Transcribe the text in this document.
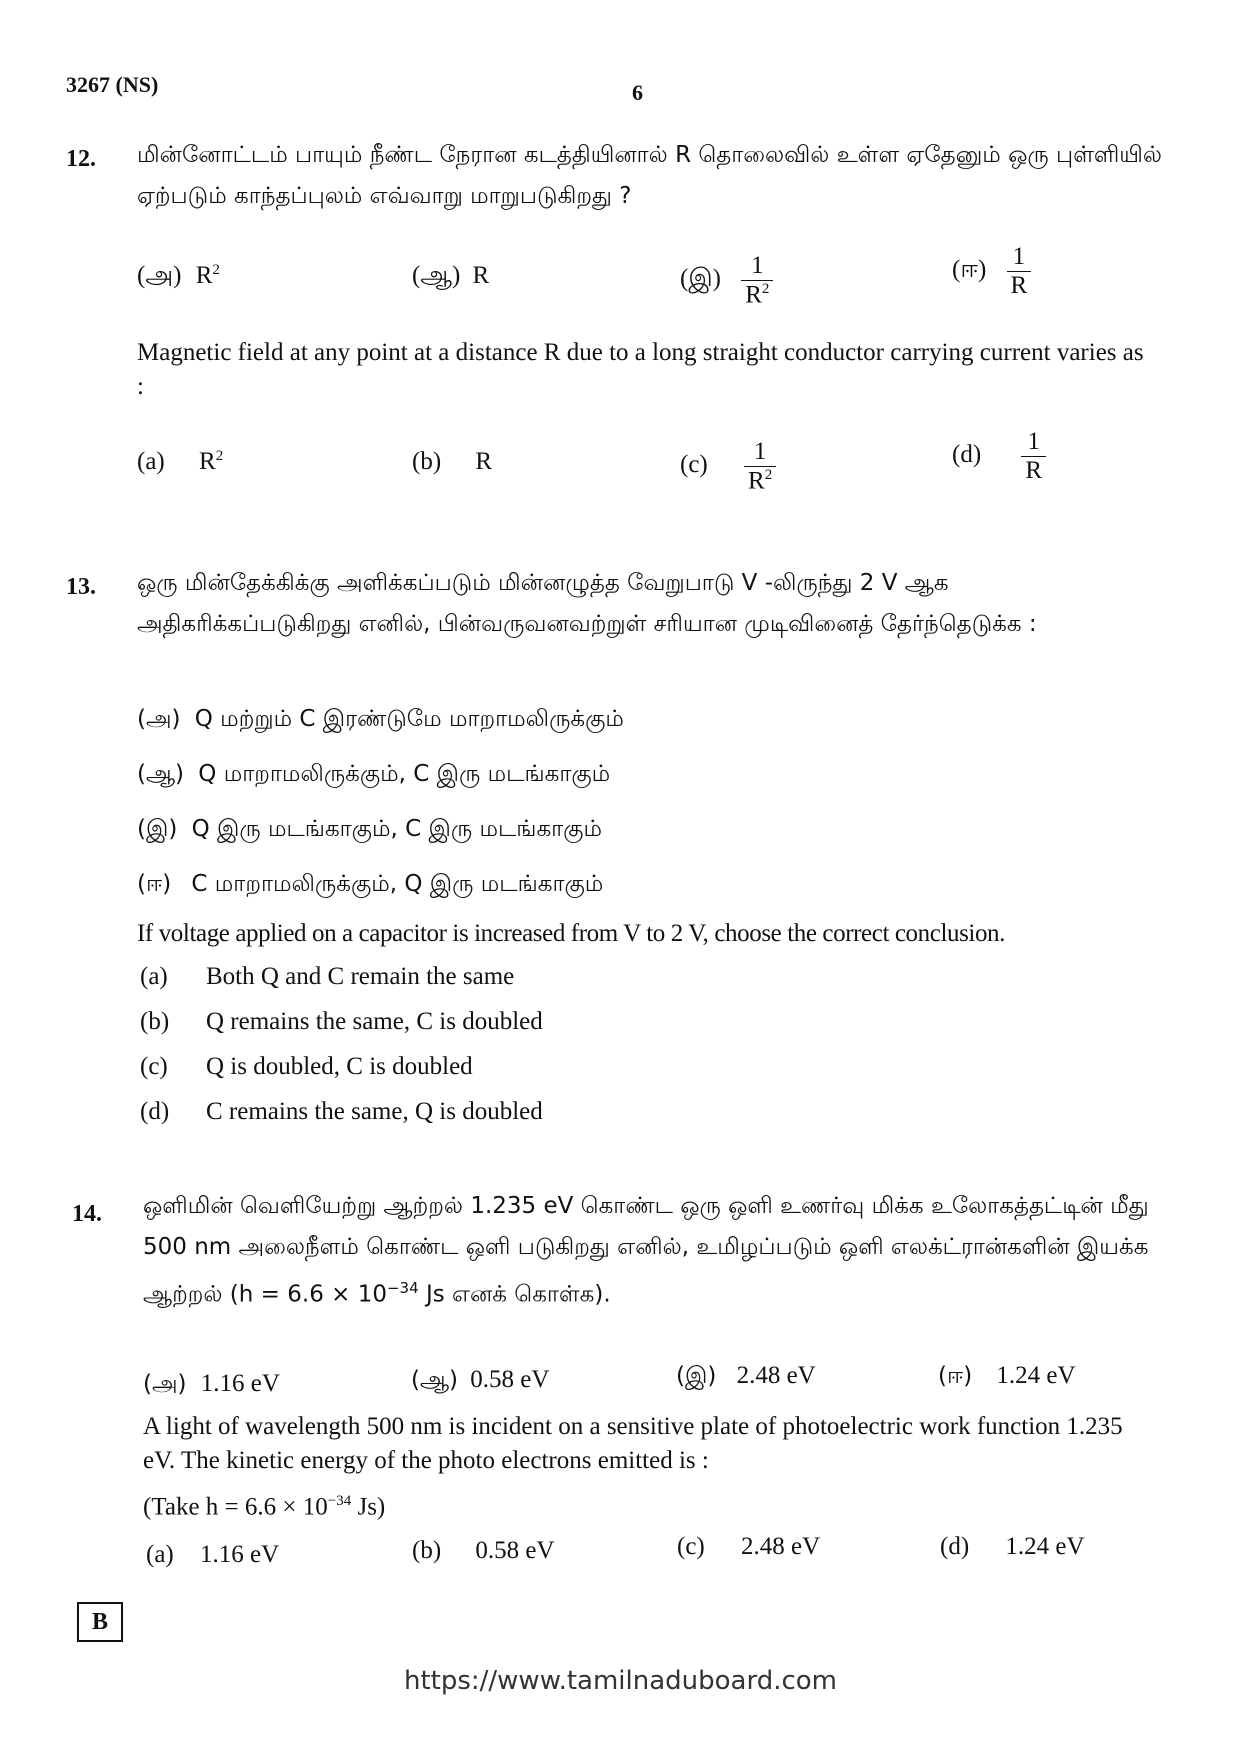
3267 (NS)	6
12. மின்னோட்டம் பாயும் நீண்ட நேரான கடத்தியினால் R தொலைவில் உள்ள ஏதேனும் ஒரு புள்ளியில் ஏற்படும் காந்தப்புலம் எவ்வாறு மாறுபடுகிறது ?
(அ) $R^2$	(ஆ) R	(இ) $\frac{1}{R^2}$	(ஈ) $\frac{1}{R}$
Magnetic field at any point at a distance R due to a long straight conductor carrying current varies as :
(a) $R^2$	(b) R	$(c) \frac{1}{R^2}$	$(d) \frac{1}{R}$
13. ஒரு மின்தேக்கிக்கு அளிக்கப்படும் மின்னழுத்த வேறுபாடு V -லிருந்து 2 V ஆக அதிகரிக்கப்படுகிறது எனில், பின்வருவனவற்றுள் சரியான முடிவினைத் தேர்ந்தெடுக்க :
(அ) Q மற்றும் C இரண்டுமே மாறாமலிருக்கும்
(ஆ) Q மாறாமலிருக்கும், C இரு மடங்காகும்
(இ) Q இரு மடங்காகும், C இரு மடங்காகும்
(ஈ) C மாறாமலிருக்கும், Q இரு மடங்காகும்
If voltage applied on a capacitor is increased from V to 2 V, choose the correct conclusion.
(a) Both Q and C remain the same
(b) Q remains the same, C is doubled
(c) Q is doubled, C is doubled
(d) C remains the same, Q is doubled
14. ஒளிமின் வெளியேற்று ஆற்றல் 1.235 eV கொண்ட ஒரு ஒளி உணர்வு மிக்க உலோகத்தட்டின் மீது 500 nm அலைநீளம் கொண்ட ஒளி படுகிறது எனில், உமிழப்படும் ஒளி எலக்ட்ரான்களின் இயக்க ஆற்றல் ($h = 6.6 \times 10^{-34}$ Js எனக் கொள்க).
(அ) 1.16 eV	(ஆ) 0.58 eV	(இ) 2.48 eV	(ஈ) 1.24 eV
A light of wavelength 500 nm is incident on a sensitive plate of photoelectric work function 1.235 eV. The kinetic energy of the photo electrons emitted is :
(Take $h = 6.6 \times 10^{-34}$ Js)
(a) 1.16 eV	(b) 0.58 eV	(c) 2.48 eV	(d) 1.24 eV
B
https://www.tamilnaduboard.com
